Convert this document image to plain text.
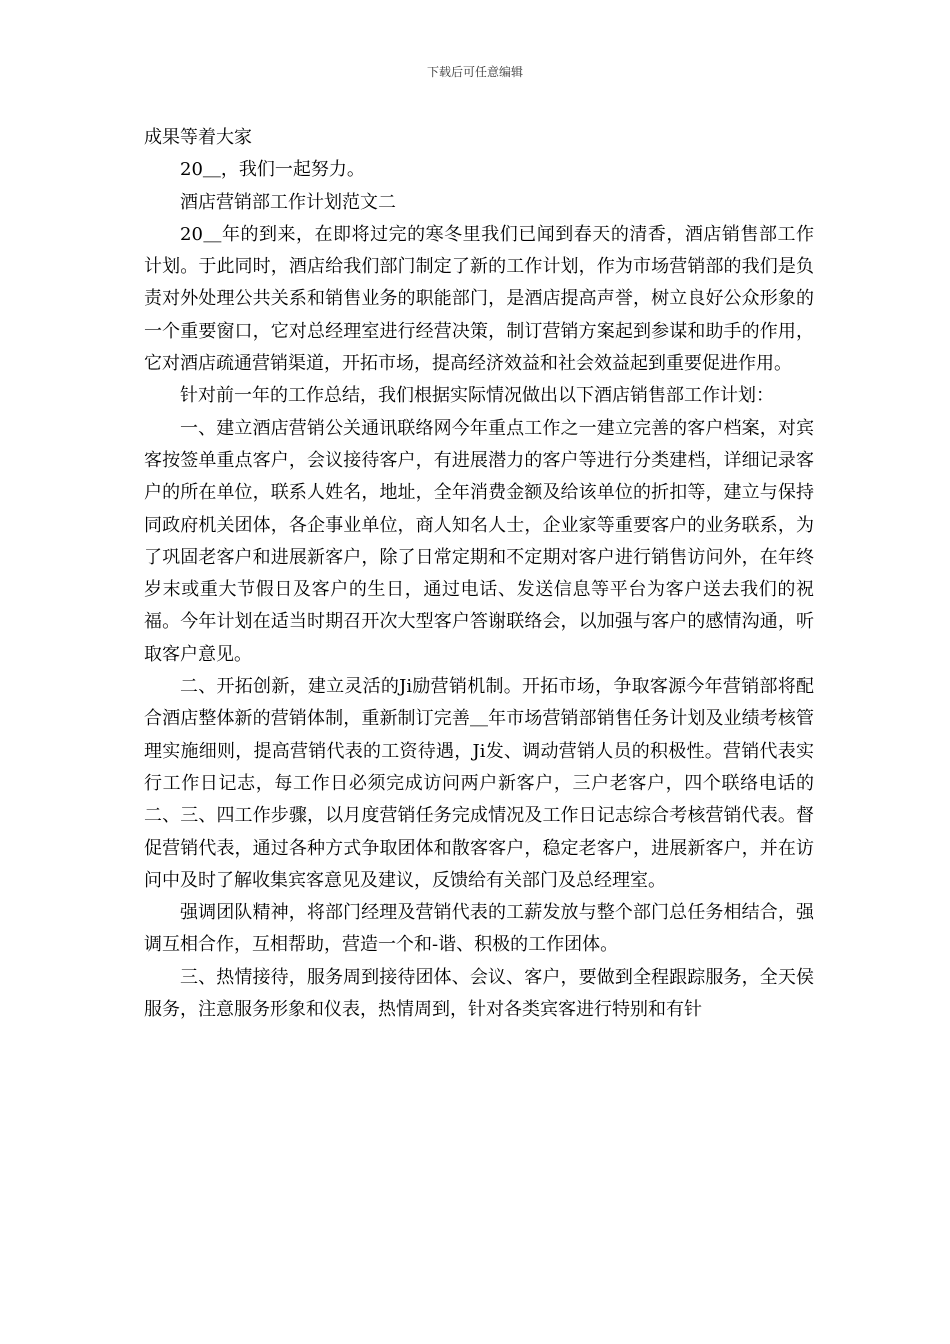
下载后可任意编辑

成果等着大家

20＿，我们一起努力。

酒店营销部工作计划范文二

20＿年的到来，在即将过完的寒冬里我们已闻到春天的清香，酒店销售部工作计划。于此同时，酒店给我们部门制定了新的工作计划，作为市场营销部的我们是负责对外处理公共关系和销售业务的职能部门，是酒店提高声誉，树立良好公众形象的一个重要窗口，它对总经理室进行经营决策，制订营销方案起到参谋和助手的作用，它对酒店疏通营销渠道，开拓市场，提高经济效益和社会效益起到重要促进作用。

针对前一年的工作总结，我们根据实际情况做出以下酒店销售部工作计划：

一、建立酒店营销公关通讯联络网今年重点工作之一建立完善的客户档案，对宾客按签单重点客户，会议接待客户，有进展潜力的客户等进行分类建档，详细记录客户的所在单位，联系人姓名，地址，全年消费金额及给该单位的折扣等，建立与保持同政府机关团体，各企事业单位，商人知名人士，企业家等重要客户的业务联系，为了巩固老客户和进展新客户，除了日常定期和不定期对客户进行销售访问外，在年终岁末或重大节假日及客户的生日，通过电话、发送信息等平台为客户送去我们的祝福。今年计划在适当时期召开次大型客户答谢联络会，以加强与客户的感情沟通，听取客户意见。

二、开拓创新，建立灵活的Ji励营销机制。开拓市场，争取客源今年营销部将配合酒店整体新的营销体制，重新制订完善＿年市场营销部销售任务计划及业绩考核管理实施细则，提高营销代表的工资待遇，Ji发、调动营销人员的积极性。营销代表实行工作日记志，每工作日必须完成访问两户新客户，三户老客户，四个联络电话的二、三、四工作步骤，以月度营销任务完成情况及工作日记志综合考核营销代表。督促营销代表，通过各种方式争取团体和散客客户，稳定老客户，进展新客户，并在访问中及时了解收集宾客意见及建议，反馈给有关部门及总经理室。

强调团队精神，将部门经理及营销代表的工薪发放与整个部门总任务相结合，强调互相合作，互相帮助，营造一个和-谐、积极的工作团体。

三、热情接待，服务周到接待团体、会议、客户，要做到全程跟踪服务，全天侯服务，注意服务形象和仪表，热情周到，针对各类宾客进行特别和有针
